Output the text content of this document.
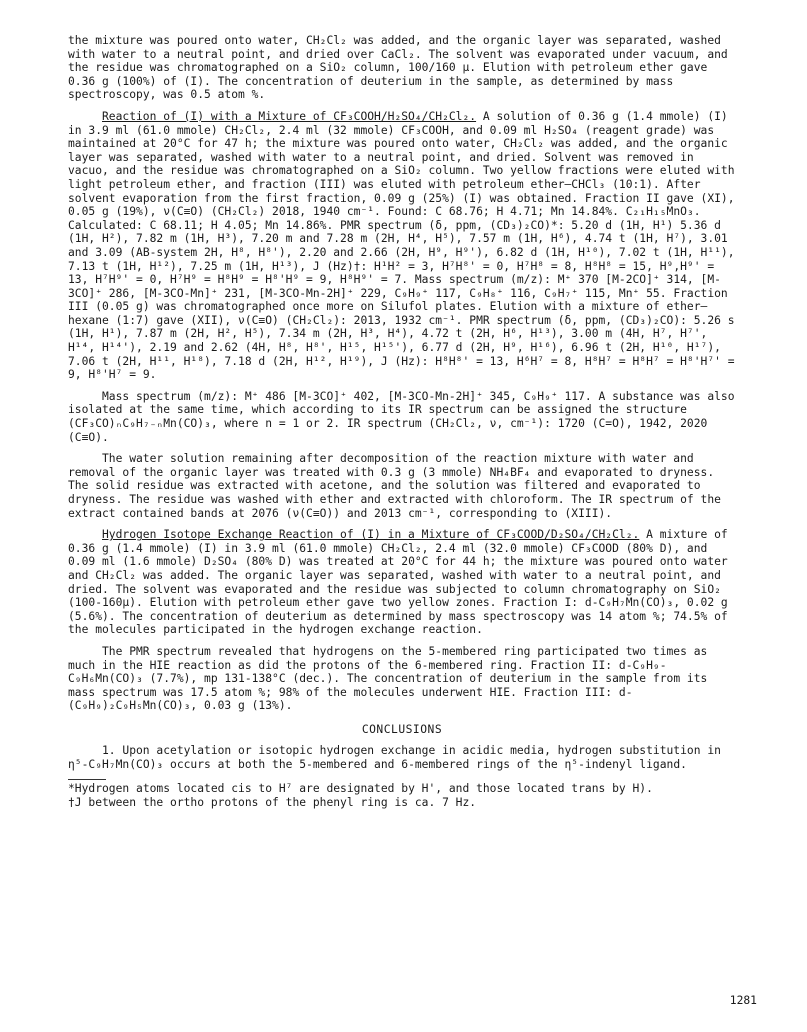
the mixture was poured onto water, CH₂Cl₂ was added, and the organic layer was separated, washed with water to a neutral point, and dried over CaCl₂. The solvent was evaporated under vacuum, and the residue was chromatographed on a SiO₂ column, 100/160 μ. Elution with petroleum ether gave 0.36 g (100%) of (I). The concentration of deuterium in the sample, as determined by mass spectroscopy, was 0.5 atom %.

Reaction of (I) with a Mixture of CF₃COOH/H₂SO₄/CH₂Cl₂. A solution of 0.36 g (1.4 mmole) (I) in 3.9 ml (61.0 mmole) CH₂Cl₂, 2.4 ml (32 mmole) CF₃COOH, and 0.09 ml H₂SO₄ (reagent grade) was maintained at 20°C for 47 h; the mixture was poured onto water, CH₂Cl₂ was added, and the organic layer was separated, washed with water to a neutral point, and dried. Solvent was removed in vacuo, and the residue was chromatographed on a SiO₂ column. Two yellow fractions were eluted with light petroleum ether, and fraction (III) was eluted with petroleum ether–CHCl₃ (10:1). After solvent evaporation from the first fraction, 0.09 g (25%) (I) was obtained. Fraction II gave (XI), 0.05 g (19%), ν(C≡O) (CH₂Cl₂) 2018, 1940 cm⁻¹. Found: C 68.76; H 4.71; Mn 14.84%. C₂₁H₁₅MnO₃. Calculated: C 68.11; H 4.05; Mn 14.86%. PMR spectrum (δ, ppm, (CD₃)₂CO)*: 5.20 d (1H, H¹) 5.36 d (1H, H²), 7.82 m (1H, H³), 7.20 m and 7.28 m (2H, H⁴, H⁵), 7.57 m (1H, H⁶), 4.74 t (1H, H⁷), 3.01 and 3.09 (AB-system 2H, H⁸, H⁸'), 2.20 and 2.66 (2H, H⁹, H⁹'), 6.82 d (1H, H¹⁰), 7.02 t (1H, H¹¹), 7.13 t (1H, H¹²), 7.25 m (1H, H¹³), J (Hz)†: H¹H² = 3, H⁷H⁸' = 0, H⁷H⁸ = 8, H⁸H⁸ = 15, H⁹,H⁹' = 13, H⁷H⁹' = 0, H⁷H⁹ = H⁸H⁹ = H⁸'H⁹ = 9, H⁸H⁹' = 7. Mass spectrum (m/z): M⁺ 370 [M-2CO]⁺ 314, [M-3CO]⁺ 286, [M-3CO-Mn]⁺ 231, [M-3CO-Mn-2H]⁺ 229, C₉H₉⁺ 117, C₉H₈⁺ 116, C₉H₇⁺ 115, Mn⁺ 55. Fraction III (0.05 g) was chromatographed once more on Silufol plates. Elution with a mixture of ether–hexane (1:7) gave (XII), ν(C≡O) (CH₂Cl₂): 2013, 1932 cm⁻¹. PMR spectrum (δ, ppm, (CD₃)₂CO): 5.26 s (1H, H¹), 7.87 m (2H, H², H⁵), 7.34 m (2H, H³, H⁴), 4.72 t (2H, H⁶, H¹³), 3.00 m (4H, H⁷, H⁷', H¹⁴, H¹⁴'), 2.19 and 2.62 (4H, H⁸, H⁸', H¹⁵, H¹⁵'), 6.77 d (2H, H⁹, H¹⁶), 6.96 t (2H, H¹⁰, H¹⁷), 7.06 t (2H, H¹¹, H¹⁸), 7.18 d (2H, H¹², H¹⁹), J (Hz): H⁸H⁸' = 13, H⁶H⁷ = 8, H⁸H⁷ = H⁸H⁷ = H⁸'H⁷' = 9, H⁸'H⁷ = 9.

Mass spectrum (m/z): M⁺ 486 [M-3CO]⁺ 402, [M-3CO-Mn-2H]⁺ 345, C₉H₉⁺ 117. A substance was also isolated at the same time, which according to its IR spectrum can be assigned the structure (CF₃CO)ₙC₉H₇₋ₙMn(CO)₃, where n = 1 or 2. IR spectrum (CH₂Cl₂, ν, cm⁻¹): 1720 (C=O), 1942, 2020 (C≡O).

The water solution remaining after decomposition of the reaction mixture with water and removal of the organic layer was treated with 0.3 g (3 mmole) NH₄BF₄ and evaporated to dryness. The solid residue was extracted with acetone, and the solution was filtered and evaporated to dryness. The residue was washed with ether and extracted with chloroform. The IR spectrum of the extract contained bands at 2076 (ν(C≡O)) and 2013 cm⁻¹, corresponding to (XIII).

Hydrogen Isotope Exchange Reaction of (I) in a Mixture of CF₃COOD/D₂SO₄/CH₂Cl₂. A mixture of 0.36 g (1.4 mmole) (I) in 3.9 ml (61.0 mmole) CH₂Cl₂, 2.4 ml (32.0 mmole) CF₃COOD (80% D), and 0.09 ml (1.6 mmole) D₂SO₄ (80% D) was treated at 20°C for 44 h; the mixture was poured onto water and CH₂Cl₂ was added. The organic layer was separated, washed with water to a neutral point, and dried. The solvent was evaporated and the residue was subjected to column chromatography on SiO₂ (100-160μ). Elution with petroleum ether gave two yellow zones. Fraction I: d-C₉H₇Mn(CO)₃, 0.02 g (5.6%). The concentration of deuterium as determined by mass spectroscopy was 14 atom %; 74.5% of the molecules participated in the hydrogen exchange reaction.

The PMR spectrum revealed that hydrogens on the 5-membered ring participated two times as much in the HIE reaction as did the protons of the 6-membered ring. Fraction II: d-C₉H₉-C₉H₆Mn(CO)₃ (7.7%), mp 131-138°C (dec.). The concentration of deuterium in the sample from its mass spectrum was 17.5 atom %; 98% of the molecules underwent HIE. Fraction III: d-(C₉H₉)₂C₉H₅Mn(CO)₃, 0.03 g (13%).

CONCLUSIONS

1. Upon acetylation or isotopic hydrogen exchange in acidic media, hydrogen substitution in η⁵-C₉H₇Mn(CO)₃ occurs at both the 5-membered and 6-membered rings of the η⁵-indenyl ligand.

*Hydrogen atoms located cis to H⁷ are designated by H', and those located trans by H).

†J between the ortho protons of the phenyl ring is ca. 7 Hz.

1281
